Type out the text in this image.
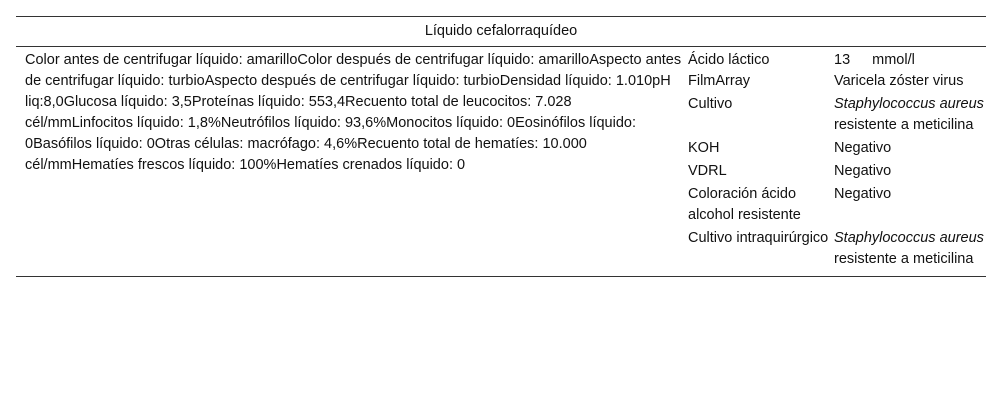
Líquido cefalorraquídeo		
Color antes de centrifugar líquido: amarilloColor después de centrifugar líquido: amarilloAspecto antes de centrifugar líquido: turbioAspecto después de centrifugar líquido: turbioDensidad líquido: 1.010pH liq:8,0Glucosa líquido: 3,5Proteínas líquido: 553,4Recuento total de leucocitos: 7.028cél/mmLinfocitos líquido: 1,8%Neutrófilos líquido: 93,6%Monocitos líquido: 0Eosinófilos líquido: 0Basófilos líquido: 0Otras células: macrófago: 4,6%Recuento total de hematíes: 10.000cél/mmHematíes frescos líquido: 100%Hematíes crenados líquido: 0	Ácido láctico	13 mmol/l
	FilmArray	Varicela zóster virus
	Cultivo	Staphylococcus aureus
resistente a meticilina
	KOH	Negativo
	VDRL	Negativo
	Coloración ácido alcohol resistente	Negativo
	Cultivo intraquirúrgico	Staphylococcus aureus
resistente a meticilina
